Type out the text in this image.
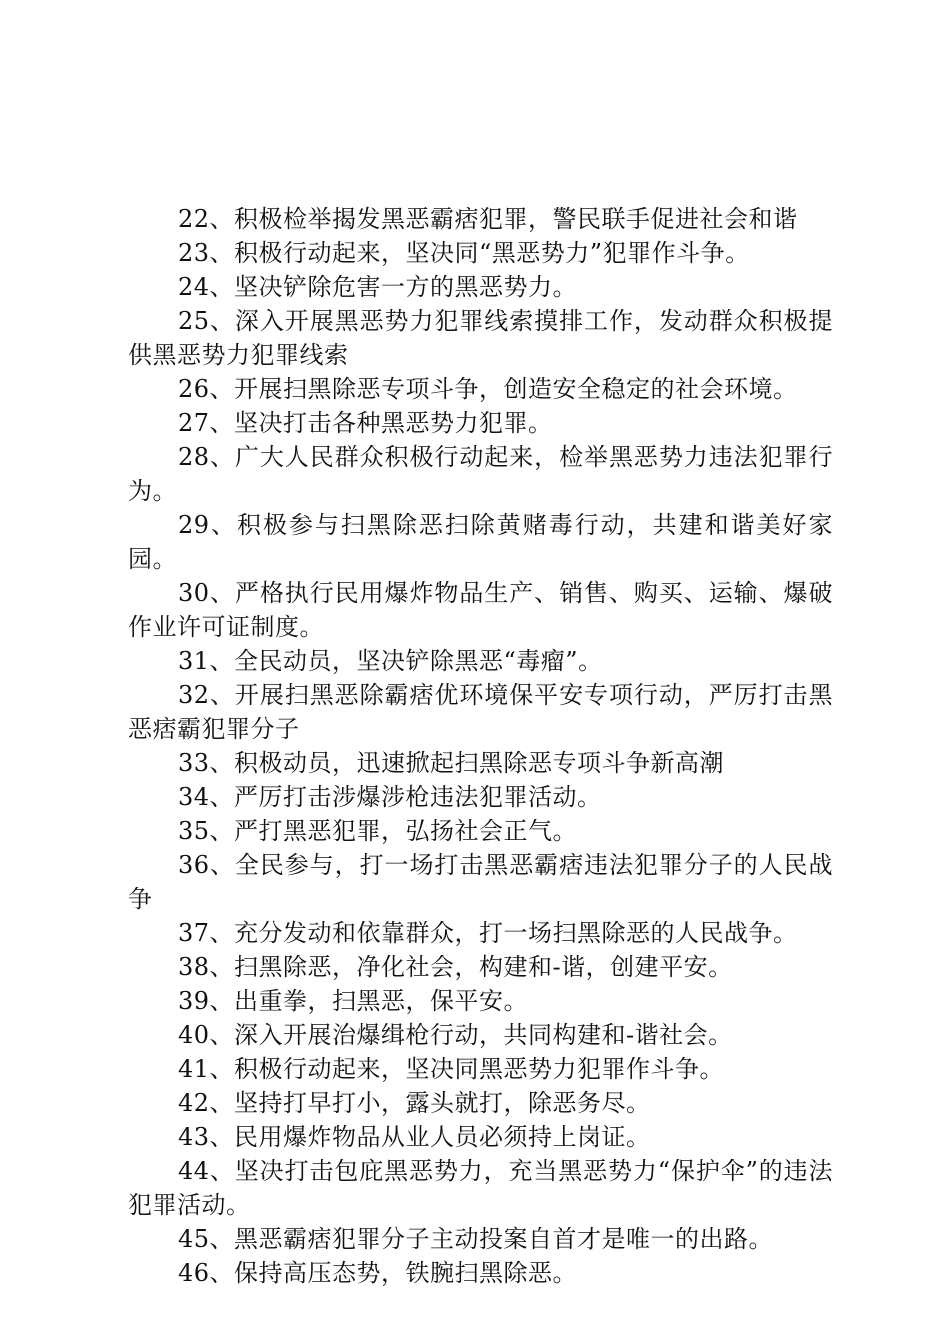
22、积极检举揭发黑恶霸痞犯罪，警民联手促进社会和谐

23、积极行动起来，坚决同“黑恶势力”犯罪作斗争。

24、坚决铲除危害一方的黑恶势力。

25、深入开展黑恶势力犯罪线索摸排工作，发动群众积极提供黑恶势力犯罪线索

26、开展扫黑除恶专项斗争，创造安全稳定的社会环境。

27、坚决打击各种黑恶势力犯罪。

28、广大人民群众积极行动起来，检举黑恶势力违法犯罪行为。

29、积极参与扫黑除恶扫除黄赌毒行动，共建和谐美好家园。

30、严格执行民用爆炸物品生产、销售、购买、运输、爆破作业许可证制度。

31、全民动员，坚决铲除黑恶“毒瘤”。

32、开展扫黑恶除霸痞优环境保平安专项行动，严厉打击黑恶痞霸犯罪分子

33、积极动员，迅速掀起扫黑除恶专项斗争新高潮

34、严厉打击涉爆涉枪违法犯罪活动。

35、严打黑恶犯罪，弘扬社会正气。

36、全民参与，打一场打击黑恶霸痞违法犯罪分子的人民战争

37、充分发动和依靠群众，打一场扫黑除恶的人民战争。

38、扫黑除恶，净化社会，构建和-谐，创建平安。

39、出重拳，扫黑恶，保平安。

40、深入开展治爆缉枪行动，共同构建和-谐社会。

41、积极行动起来，坚决同黑恶势力犯罪作斗争。

42、坚持打早打小，露头就打，除恶务尽。

43、民用爆炸物品从业人员必须持上岗证。

44、坚决打击包庇黑恶势力，充当黑恶势力“保护伞”的违法犯罪活动。

45、黑恶霸痞犯罪分子主动投案自首才是唯一的出路。

46、保持高压态势，铁腕扫黑除恶。
